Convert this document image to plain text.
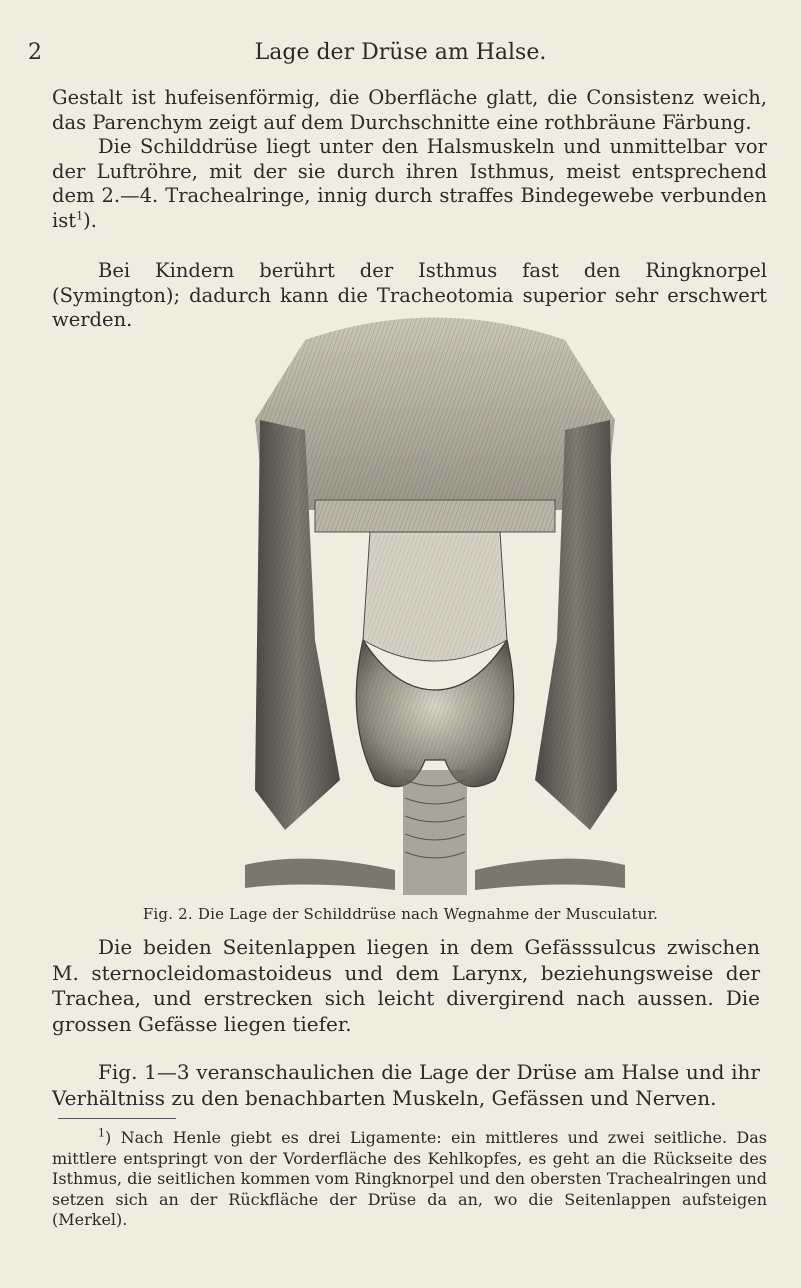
2	Lage der Drüse am Halse.

Gestalt ist hufeisenförmig, die Oberfläche glatt, die Consistenz weich, das Parenchym zeigt auf dem Durchschnitte eine rothbräune Färbung.

Die Schilddrüse liegt unter den Halsmuskeln und unmittelbar vor der Luftröhre, mit der sie durch ihren Isthmus, meist entsprechend dem 2.—4. Trachealringe, innig durch straffes Bindegewebe verbunden ist$^1$).

Bei Kindern berührt der Isthmus fast den Ringknorpel (Symington); dadurch kann die Tracheotomia superior sehr erschwert werden.

Fig. 2. Die Lage der Schilddrüse nach Wegnahme der Musculatur.

Die beiden Seitenlappen liegen in dem Gefässsulcus zwischen M. sternocleidomastoideus und dem Larynx, beziehungsweise der Trachea, und erstrecken sich leicht divergirend nach aussen. Die grossen Gefässe liegen tiefer.

Fig. 1—3 veranschaulichen die Lage der Drüse am Halse und ihr Verhältniss zu den benachbarten Muskeln, Gefässen und Nerven.

$^1$) Nach Henle giebt es drei Ligamente: ein mittleres und zwei seitliche. Das mittlere entspringt von der Vorderfläche des Kehlkopfes, es geht an die Rückseite des Isthmus, die seitlichen kommen vom Ringknorpel und den obersten Trachealringen und setzen sich an der Rückfläche der Drüse da an, wo die Seitenlappen aufsteigen (Merkel).
